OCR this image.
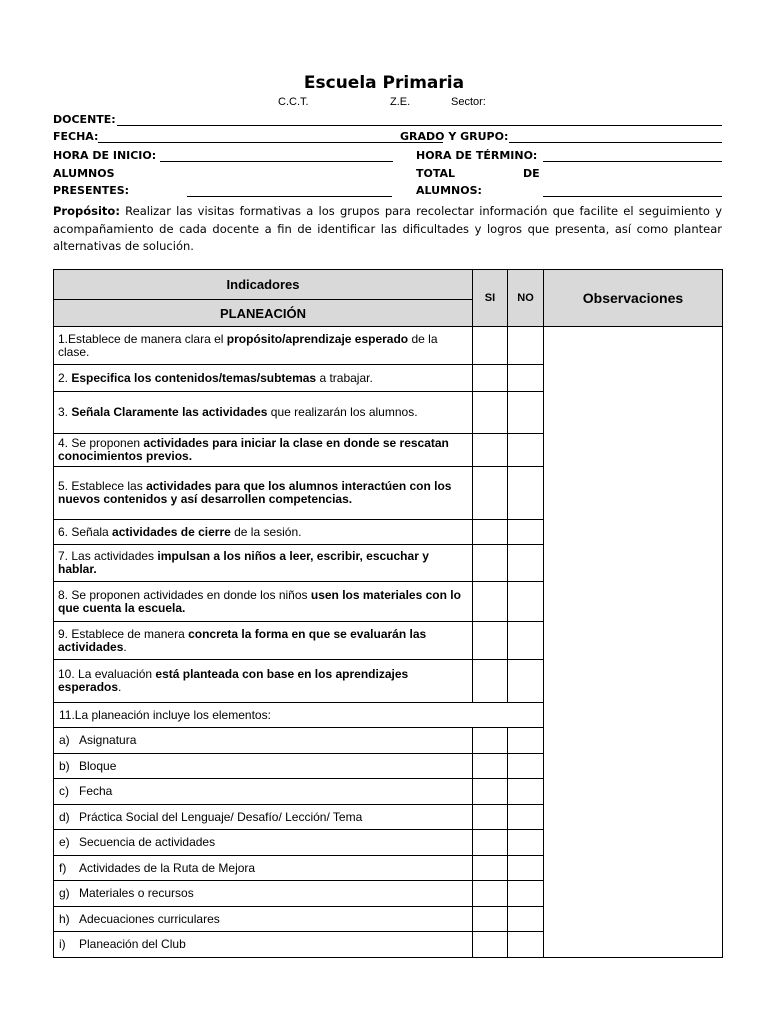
Escuela Primaria
C.C.T.	Z.E.	Sector:
DOCENTE:
FECHA:	GRADO Y GRUPO:
HORA DE INICIO:	HORA DE TÉRMINO:
ALUMNOS	TOTAL	DE
PRESENTES:	ALUMNOS:
Propósito: Realizar las visitas formativas a los grupos para recolectar información que facilite el seguimiento y acompañamiento de cada docente a fin de identificar las dificultades y logros que presenta, así como plantear alternativas de solución.
Indicadores	SI	NO	Observaciones
PLANEACIÓN			
1.Establece de manera clara el propósito/aprendizaje esperado de la clase.			
2. Especifica los contenidos/temas/subtemas a trabajar.			
3. Señala Claramente las actividades que realizarán los alumnos.			
4. Se proponen actividades para iniciar la clase en donde se rescatan conocimientos previos.			
5. Establece las actividades para que los alumnos interactúen con los nuevos contenidos y así desarrollen competencias.			
6. Señala actividades de cierre de la sesión.			
7. Las actividades impulsan a los niños a leer, escribir, escuchar y hablar.			
8. Se proponen actividades en donde los niños usen los materiales con lo que cuenta la escuela.			
9. Establece de manera concreta la forma en que se evaluarán las actividades.			
10. La evaluación está planteada con base en los aprendizajes esperados.			
11.La planeación incluye los elementos:			
a) Asignatura			
b) Bloque			
c) Fecha			
d) Práctica Social del Lenguaje/ Desafío/ Lección/ Tema			
e) Secuencia de actividades			
f) Actividades de la Ruta de Mejora			
g) Materiales o recursos			
h) Adecuaciones curriculares			
i) Planeación del Club			
